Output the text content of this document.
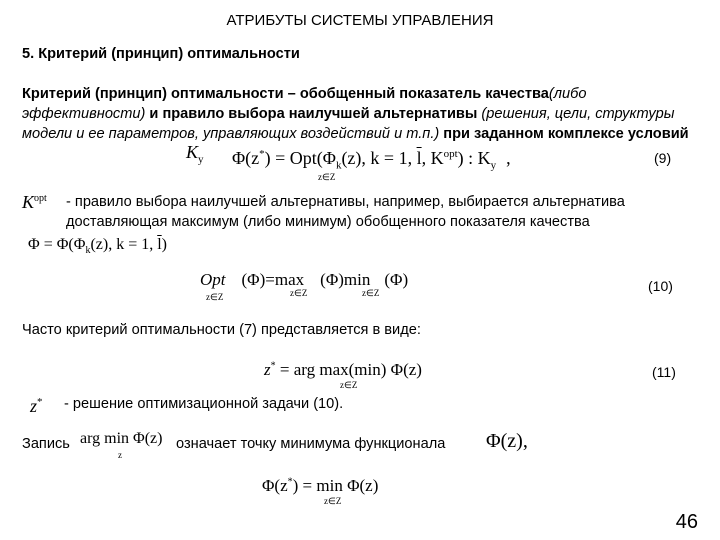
АТРИБУТЫ СИСТЕМЫ УПРАВЛЕНИЯ
5. Критерий (принцип) оптимальности
Критерий (принцип) оптимальности – обобщенный показатель качества(либо эффективности) и правило выбора наилучшей альтернативы (решения, цели, структуры модели и ее параметров, управляющих воздействий и т.п.) при заданном комплексе условий
$K_y$ $\Phi(z^*) = Opt(\Phi_k(z)$, k = 1, $\overline{l}$, $K^{opt}$) : $K_y$ ,
z∈Z
(9)
$K^{opt}$ - правило выбора наилучшей альтернативы, например, выбирается альтернатива доставляющая максимум (либо минимум) обобщенного показателя качества
$\Phi = \Phi(\Phi_k(z)$, k = 1, $\overline{l}$)
Opt (Φ)=max (Φ)min (Φ)
z∈Z	z∈Z	z∈Z	(10)
Часто критерий оптимальности (7) представляется в виде:
z* = arg max(min) Φ(z)
z∈Z
(11)
z* - решение оптимизационной задачи (10).
Запись arg min Φ(z)
z
означает точку минимума функционала Φ(z),
Φ(z*) = min Φ(z)
z∈Z
46
